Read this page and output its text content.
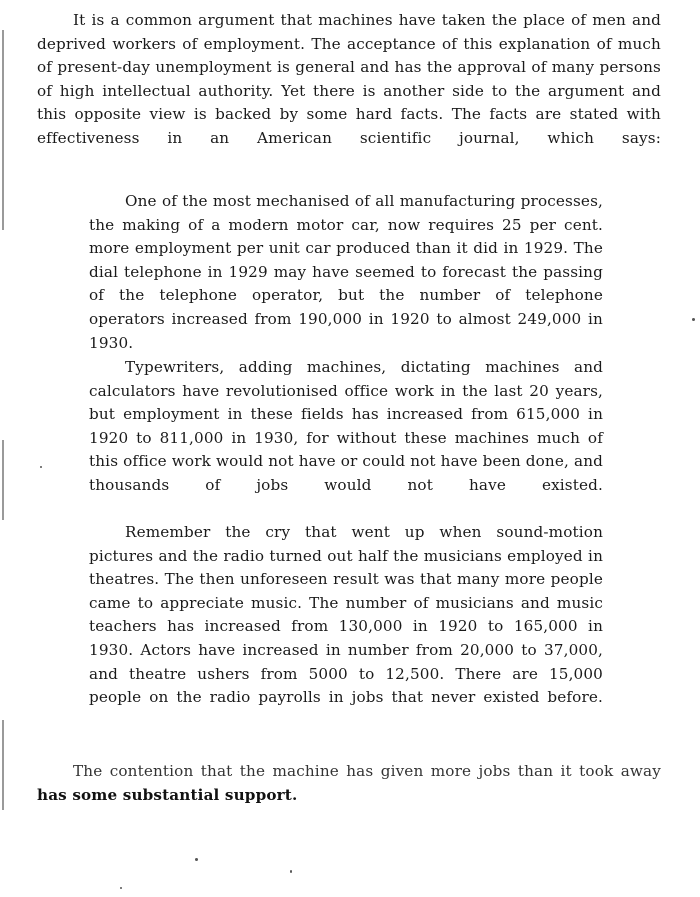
It is a common argument that machines have taken the place of men and deprived workers of employment. The acceptance of this explanation of much of present-day unemployment is general and has the approval of many persons of high intellectual authority. Yet there is another side to the argument and this opposite view is backed by some hard facts. The facts are stated with effectiveness in an American scientific journal, which says:

One of the most mechanised of all manufacturing processes, the making of a modern motor car, now requires 25 per cent. more employment per unit car produced than it did in 1929. The dial telephone in 1929 may have seemed to forecast the passing of the telephone operator, but the number of telephone operators increased from 190,000 in 1920 to almost 249,000 in 1930.

Typewriters, adding machines, dictating machines and calculators have revolutionised office work in the last 20 years, but employment in these fields has increased from 615,000 in 1920 to 811,000 in 1930, for without these machines much of this office work would not have or could not have been done, and thousands of jobs would not have existed.

Remember the cry that went up when sound-motion pictures and the radio turned out half the musicians employed in theatres. The then unforeseen result was that many more people came to appreciate music. The number of musicians and music teachers has increased from 130,000 in 1920 to 165,000 in 1930. Actors have increased in number from 20,000 to 37,000, and theatre ushers from 5000 to 12,500. There are 15,000 people on the radio payrolls in jobs that never existed before.

The contention that the machine has given more jobs than it took away has some substantial support.
